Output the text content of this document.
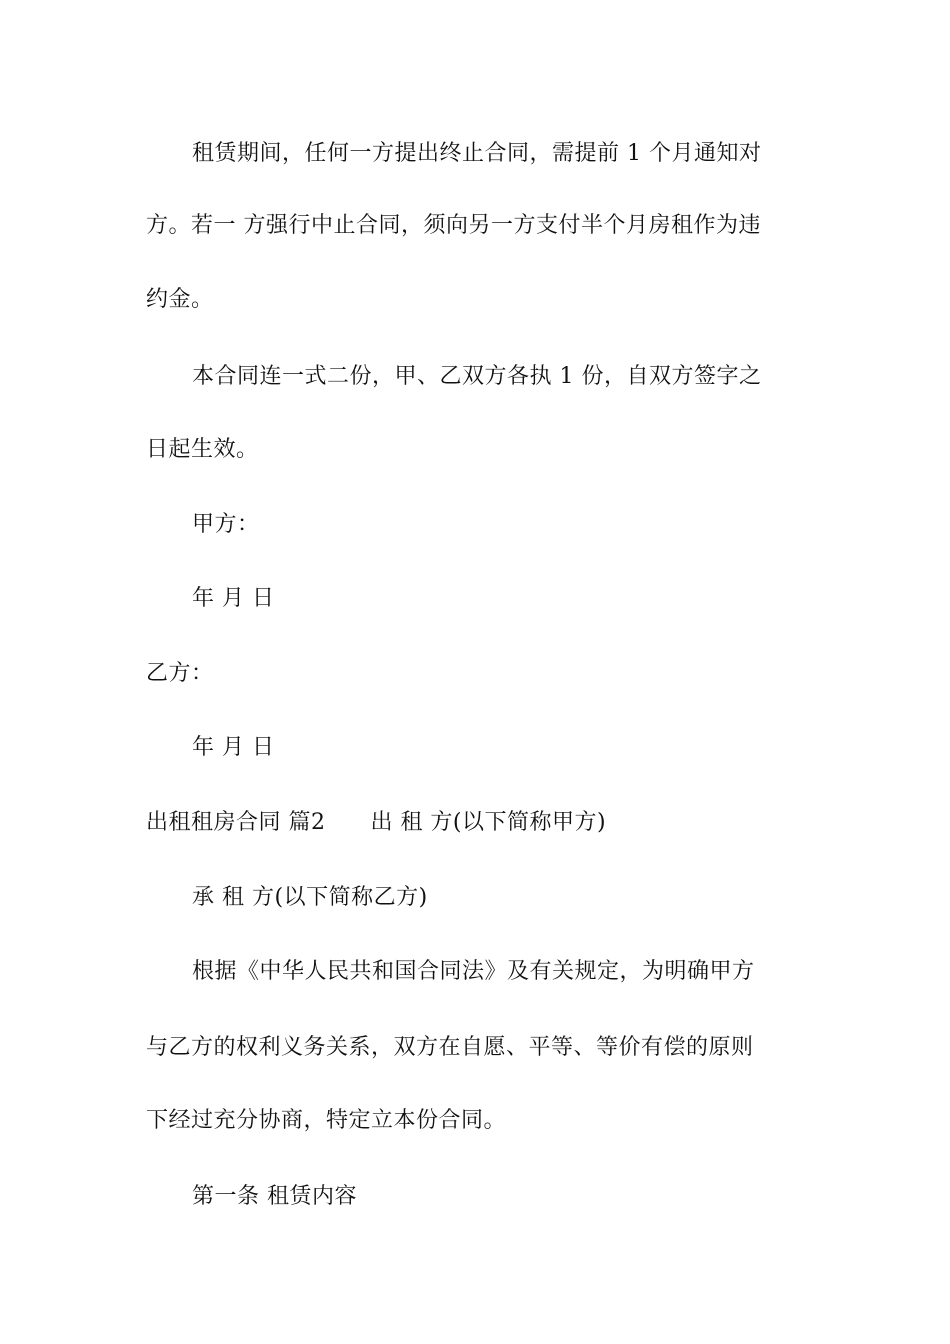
租赁期间，任何一方提出终止合同，需提前 1 个月通知对
方。若一 方强行中止合同，须向另一方支付半个月房租作为违
约金。
本合同连一式二份，甲、乙双方各执 1 份，自双方签字之
日起生效。
甲方：
年 月 日
乙方：
年 月 日
出租租房合同 篇2      出 租 方(以下简称甲方)
承 租 方(以下简称乙方)
根据《中华人民共和国合同法》及有关规定，为明确甲方
与乙方的权利义务关系，双方在自愿、平等、等价有偿的原则
下经过充分协商，特定立本份合同。
第一条 租赁内容
